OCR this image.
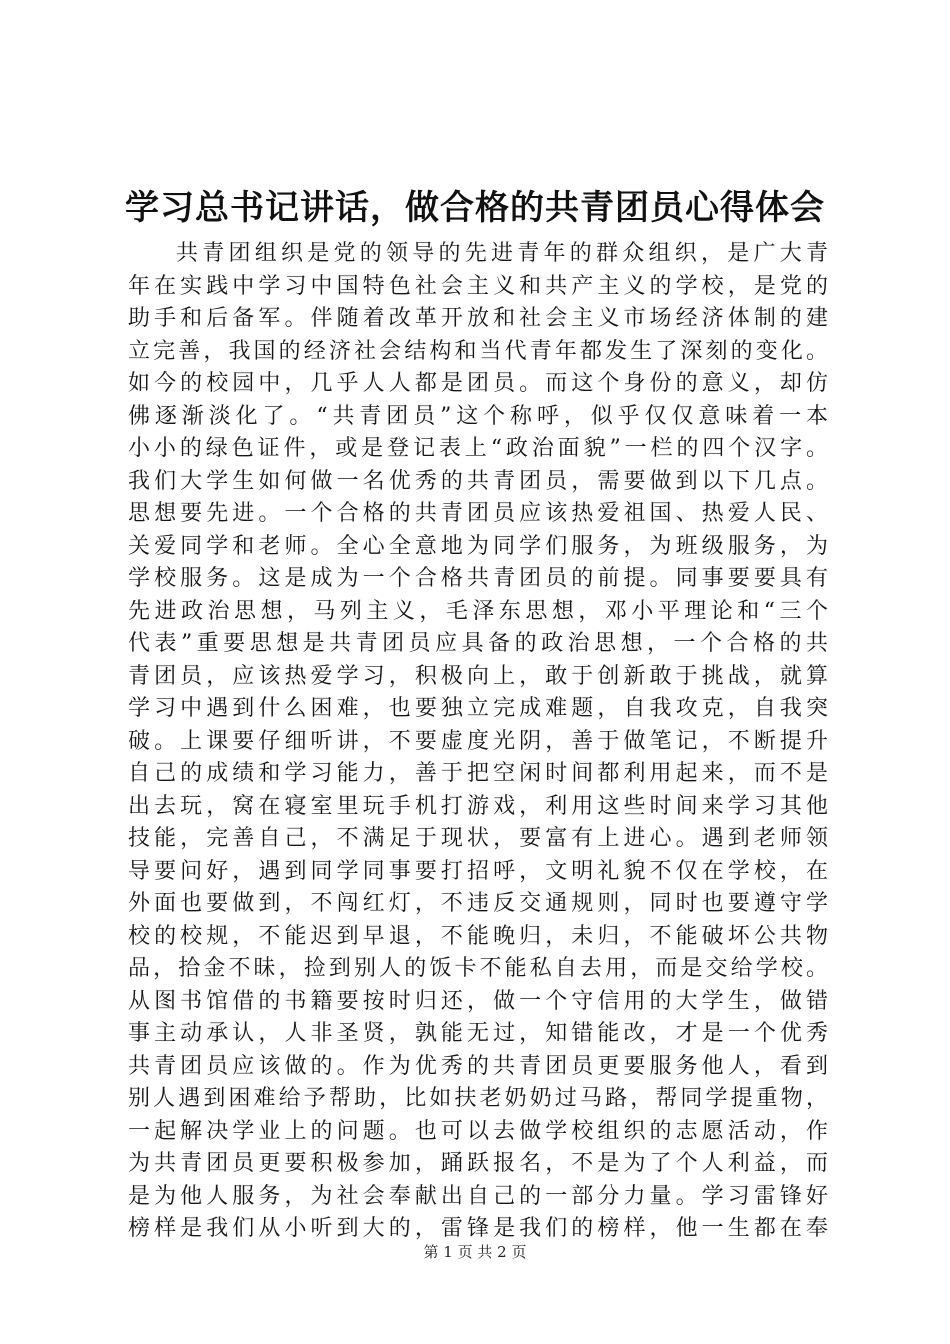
学习总书记讲话，做合格的共青团员心得体会
共青团组织是党的领导的先进青年的群众组织，是广大青
年在实践中学习中国特色社会主义和共产主义的学校，是党的
助手和后备军。伴随着改革开放和社会主义市场经济体制的建
立完善，我国的经济社会结构和当代青年都发生了深刻的变化。
如今的校园中，几乎人人都是团员。而这个身份的意义，却仿
佛逐渐淡化了。“共青团员”这个称呼，似乎仅仅意味着一本
小小的绿色证件，或是登记表上“政治面貌”一栏的四个汉字。
我们大学生如何做一名优秀的共青团员，需要做到以下几点。
思想要先进。一个合格的共青团员应该热爱祖国、热爱人民、
关爱同学和老师。全心全意地为同学们服务，为班级服务，为
学校服务。这是成为一个合格共青团员的前提。同事要要具有
先进政治思想，马列主义，毛泽东思想，邓小平理论和“三个
代表”重要思想是共青团员应具备的政治思想，一个合格的共
青团员，应该热爱学习，积极向上，敢于创新敢于挑战，就算
学习中遇到什么困难，也要独立完成难题，自我攻克，自我突
破。上课要仔细听讲，不要虚度光阴，善于做笔记，不断提升
自己的成绩和学习能力，善于把空闲时间都利用起来，而不是
出去玩，窝在寝室里玩手机打游戏，利用这些时间来学习其他
技能，完善自己，不满足于现状，要富有上进心。遇到老师领
导要问好，遇到同学同事要打招呼，文明礼貌不仅在学校，在
外面也要做到，不闯红灯，不违反交通规则，同时也要遵守学
校的校规，不能迟到早退，不能晚归，未归，不能破坏公共物
品，拾金不昧，捡到别人的饭卡不能私自去用，而是交给学校。
从图书馆借的书籍要按时归还，做一个守信用的大学生，做错
事主动承认，人非圣贤，孰能无过，知错能改，才是一个优秀
共青团员应该做的。作为优秀的共青团员更要服务他人，看到
别人遇到困难给予帮助，比如扶老奶奶过马路，帮同学提重物，
一起解决学业上的问题。也可以去做学校组织的志愿活动，作
为共青团员更要积极参加，踊跃报名，不是为了个人利益，而
是为他人服务，为社会奉献出自己的一部分力量。学习雷锋好
榜样是我们从小听到大的，雷锋是我们的榜样，他一生都在奉
第 1 页 共 2 页
